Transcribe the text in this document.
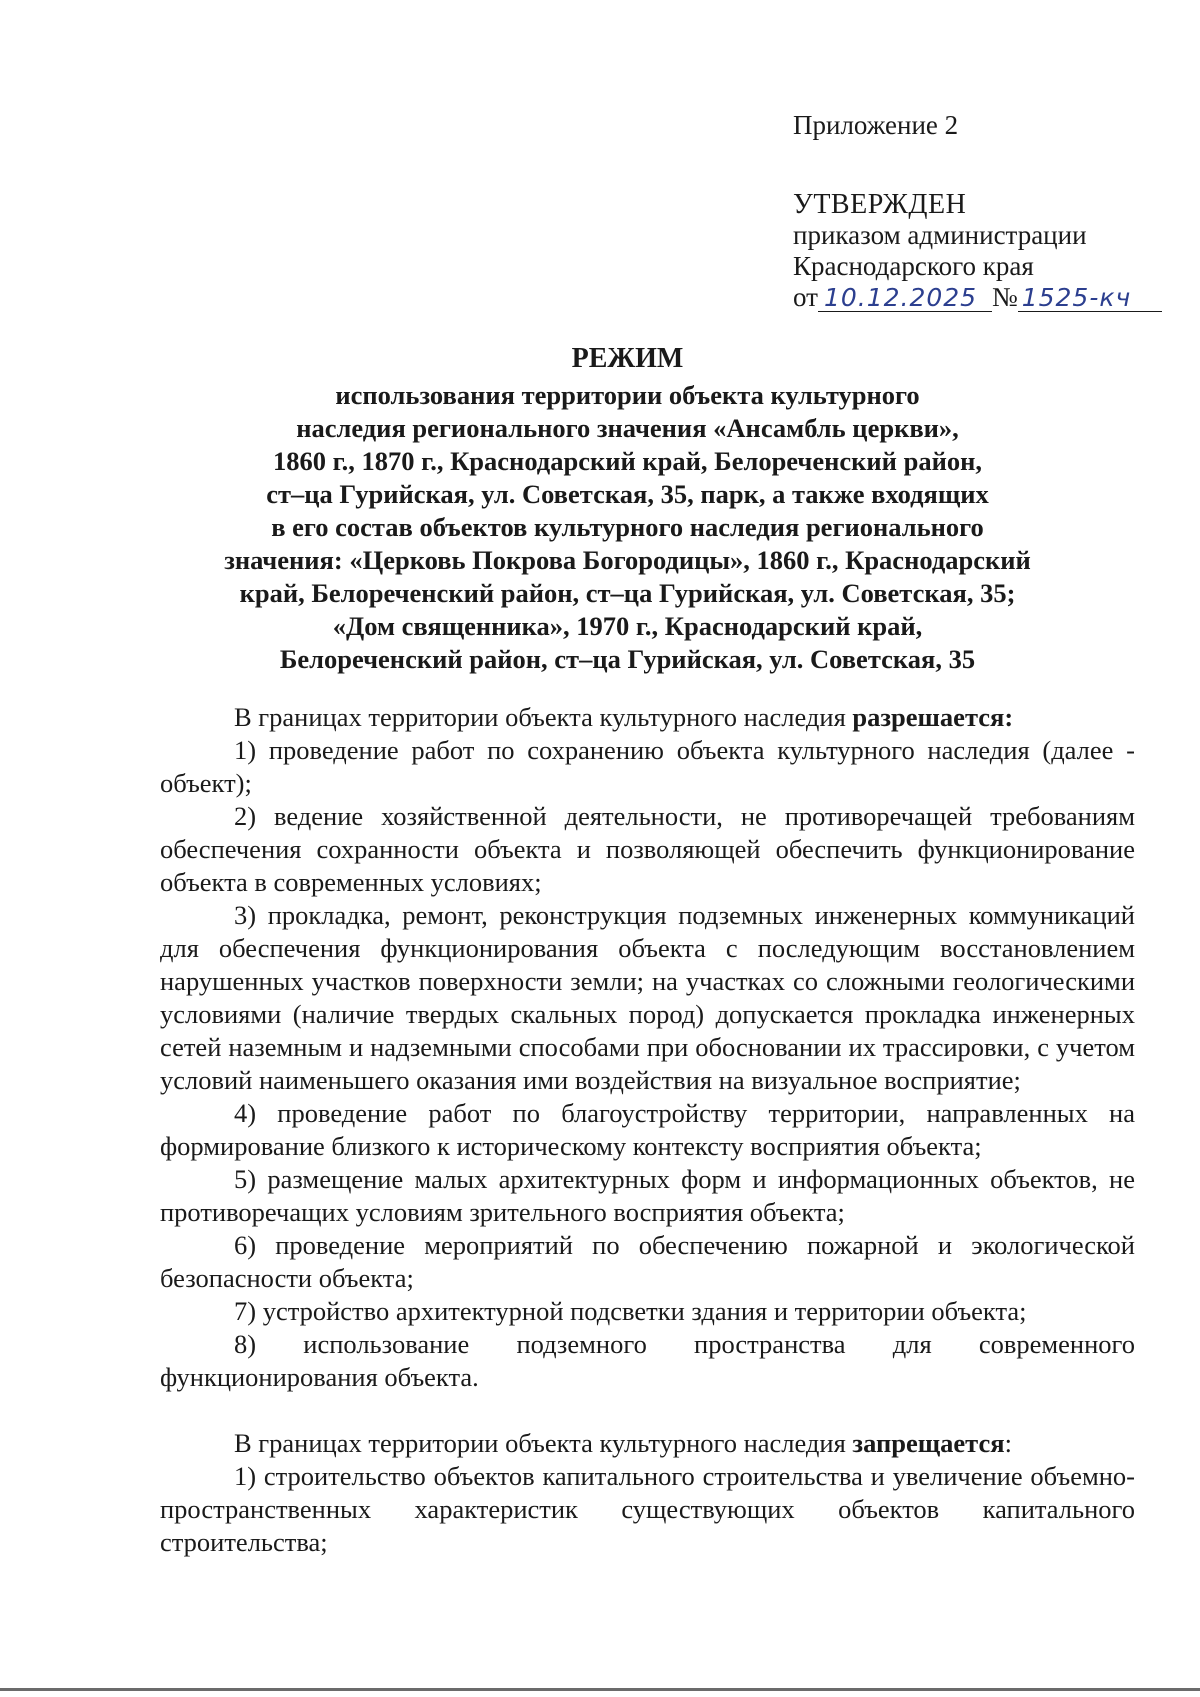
Приложение 2
УТВЕРЖДЕН
приказом администрации
Краснодарского края
от 10.12.2025 № 1525-кч
РЕЖИМ
использования территории объекта культурного
наследия регионального значения «Ансамбль церкви»,
1860 г., 1870 г., Краснодарский край, Белореченский район,
ст–ца Гурийская, ул. Советская, 35, парк, а также входящих
в его состав объектов культурного наследия регионального
значения: «Церковь Покрова Богородицы», 1860 г., Краснодарский
край, Белореченский район, ст–ца Гурийская, ул. Советская, 35;
«Дом священника», 1970 г., Краснодарский край,
Белореченский район, ст–ца Гурийская, ул. Советская, 35

В границах территории объекта культурного наследия разрешается:

1) проведение работ по сохранению объекта культурного наследия (далее - объект);

2) ведение хозяйственной деятельности, не противоречащей требованиям обеспечения сохранности объекта и позволяющей обеспечить функционирование объекта в современных условиях;

3) прокладка, ремонт, реконструкция подземных инженерных коммуникаций для обеспечения функционирования объекта с последующим восстановлением нарушенных участков поверхности земли; на участках со сложными геологическими условиями (наличие твердых скальных пород) допускается прокладка инженерных сетей наземным и надземными способами при обосновании их трассировки, с учетом условий наименьшего оказания ими воздействия на визуальное восприятие;

4) проведение работ по благоустройству территории, направленных на формирование близкого к историческому контексту восприятия объекта;

5) размещение малых архитектурных форм и информационных объектов, не противоречащих условиям зрительного восприятия объекта;

6) проведение мероприятий по обеспечению пожарной и экологической безопасности объекта;

7) устройство архитектурной подсветки здания и территории объекта;

8) использование подземного пространства для современного функционирования объекта.

В границах территории объекта культурного наследия запрещается:

1) строительство объектов капитального строительства и увеличение объемно-пространственных характеристик существующих объектов капитального строительства;
